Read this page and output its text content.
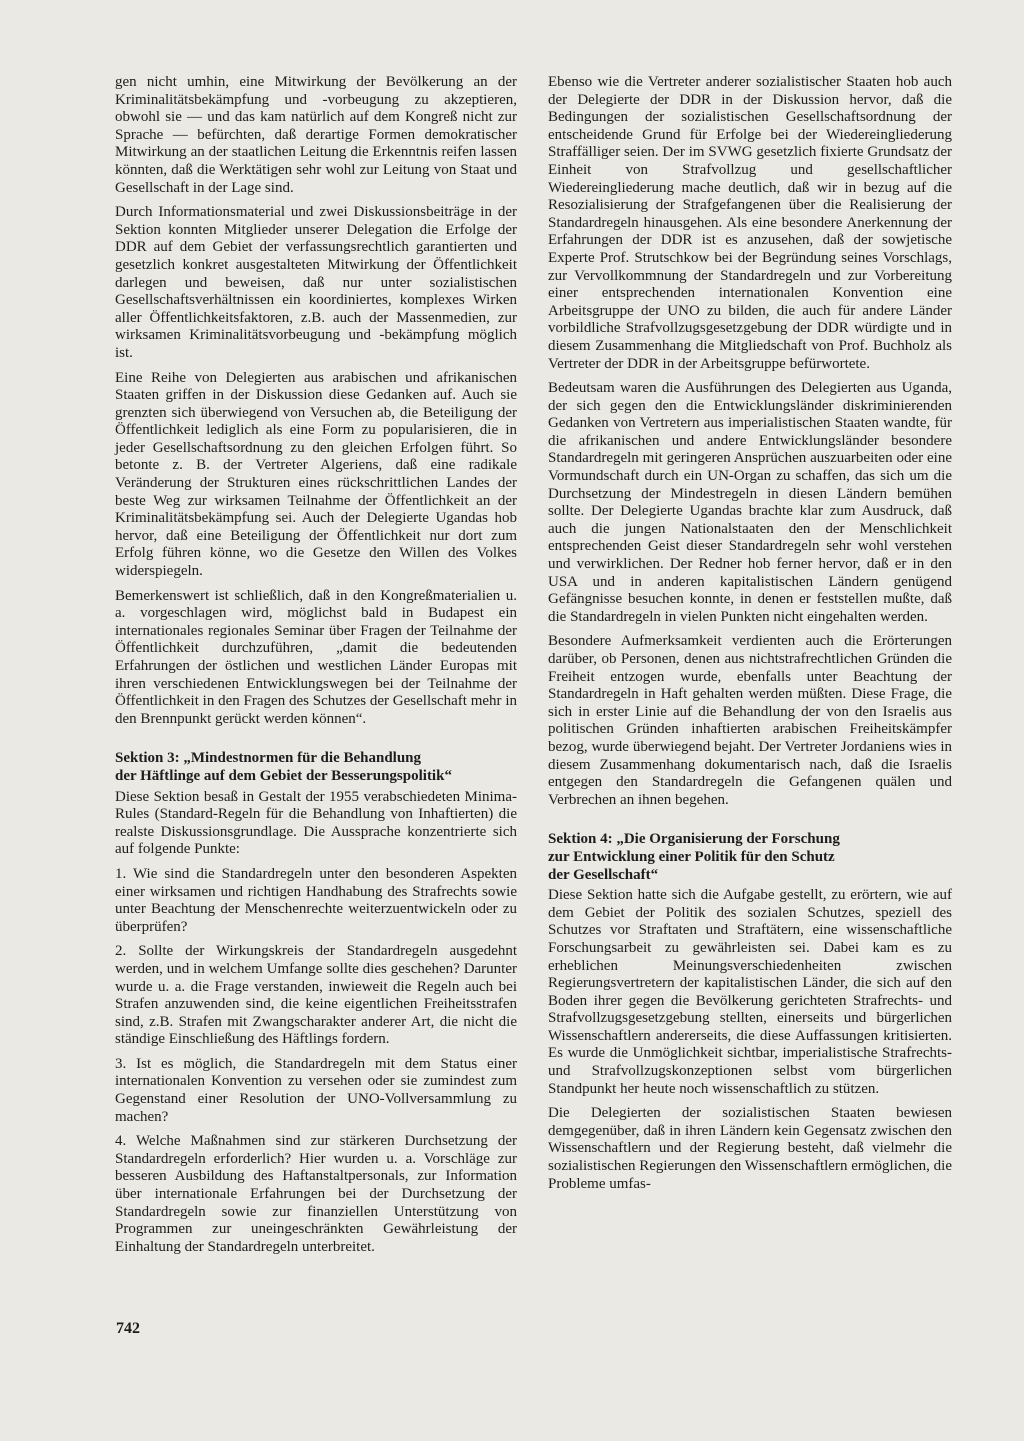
gen nicht umhin, eine Mitwirkung der Bevölkerung an der Kriminalitätsbekämpfung und -vorbeugung zu akzeptieren, obwohl sie — und das kam natürlich auf dem Kongreß nicht zur Sprache — befürchten, daß derartige Formen demokratischer Mitwirkung an der staatlichen Leitung die Erkenntnis reifen lassen könnten, daß die Werktätigen sehr wohl zur Leitung von Staat und Gesellschaft in der Lage sind.

Durch Informationsmaterial und zwei Diskussionsbeiträge in der Sektion konnten Mitglieder unserer Delegation die Erfolge der DDR auf dem Gebiet der verfassungsrechtlich garantierten und gesetzlich konkret ausgestalteten Mitwirkung der Öffentlichkeit darlegen und beweisen, daß nur unter sozialistischen Gesellschaftsverhältnissen ein koordiniertes, komplexes Wirken aller Öffentlichkeitsfaktoren, z.B. auch der Massenmedien, zur wirksamen Kriminalitätsvorbeugung und -bekämpfung möglich ist.

Eine Reihe von Delegierten aus arabischen und afrikanischen Staaten griffen in der Diskussion diese Gedanken auf. Auch sie grenzten sich überwiegend von Versuchen ab, die Beteiligung der Öffentlichkeit lediglich als eine Form zu popularisieren, die in jeder Gesellschaftsordnung zu den gleichen Erfolgen führt. So betonte z. B. der Vertreter Algeriens, daß eine radikale Veränderung der Strukturen eines rückschrittlichen Landes der beste Weg zur wirksamen Teilnahme der Öffentlichkeit an der Kriminalitätsbekämpfung sei. Auch der Delegierte Ugandas hob hervor, daß eine Beteiligung der Öffentlichkeit nur dort zum Erfolg führen könne, wo die Gesetze den Willen des Volkes widerspiegeln.

Bemerkenswert ist schließlich, daß in den Kongreßmaterialien u. a. vorgeschlagen wird, möglichst bald in Budapest ein internationales regionales Seminar über Fragen der Teilnahme der Öffentlichkeit durchzuführen, „damit die bedeutenden Erfahrungen der östlichen und westlichen Länder Europas mit ihren verschiedenen Entwicklungswegen bei der Teilnahme der Öffentlichkeit in den Fragen des Schutzes der Gesellschaft mehr in den Brennpunkt gerückt werden können“.

Sektion 3: „Mindestnormen für die Behandlung
der Häftlinge auf dem Gebiet der Besserungspolitik“

Diese Sektion besaß in Gestalt der 1955 verabschiedeten Minima-Rules (Standard-Regeln für die Behandlung von Inhaftierten) die realste Diskussionsgrundlage. Die Aussprache konzentrierte sich auf folgende Punkte:

1. Wie sind die Standardregeln unter den besonderen Aspekten einer wirksamen und richtigen Handhabung des Strafrechts sowie unter Beachtung der Menschenrechte weiterzuentwickeln oder zu überprüfen?

2. Sollte der Wirkungskreis der Standardregeln ausgedehnt werden, und in welchem Umfange sollte dies geschehen? Darunter wurde u. a. die Frage verstanden, inwieweit die Regeln auch bei Strafen anzuwenden sind, die keine eigentlichen Freiheitsstrafen sind, z.B. Strafen mit Zwangscharakter anderer Art, die nicht die ständige Einschließung des Häftlings fordern.

3. Ist es möglich, die Standardregeln mit dem Status einer internationalen Konvention zu versehen oder sie zumindest zum Gegenstand einer Resolution der UNO-Vollversammlung zu machen?

4. Welche Maßnahmen sind zur stärkeren Durchsetzung der Standardregeln erforderlich? Hier wurden u. a. Vorschläge zur besseren Ausbildung des Haftanstaltpersonals, zur Information über internationale Erfahrungen bei der Durchsetzung der Standardregeln sowie zur finanziellen Unterstützung von Programmen zur uneingeschränkten Gewährleistung der Einhaltung der Standardregeln unterbreitet.

Ebenso wie die Vertreter anderer sozialistischer Staaten hob auch der Delegierte der DDR in der Diskussion hervor, daß die Bedingungen der sozialistischen Gesellschaftsordnung der entscheidende Grund für Erfolge bei der Wiedereingliederung Straffälliger seien. Der im SVWG gesetzlich fixierte Grundsatz der Einheit von Strafvollzug und gesellschaftlicher Wiedereingliederung mache deutlich, daß wir in bezug auf die Resozialisierung der Strafgefangenen über die Realisierung der Standardregeln hinausgehen. Als eine besondere Anerkennung der Erfahrungen der DDR ist es anzusehen, daß der sowjetische Experte Prof. Strutschkow bei der Begründung seines Vorschlags, zur Vervollkommnung der Standardregeln und zur Vorbereitung einer entsprechenden internationalen Konvention eine Arbeitsgruppe der UNO zu bilden, die auch für andere Länder vorbildliche Strafvollzugsgesetzgebung der DDR würdigte und in diesem Zusammenhang die Mitgliedschaft von Prof. Buchholz als Vertreter der DDR in der Arbeitsgruppe befürwortete.

Bedeutsam waren die Ausführungen des Delegierten aus Uganda, der sich gegen den die Entwicklungsländer diskriminierenden Gedanken von Vertretern aus imperialistischen Staaten wandte, für die afrikanischen und andere Entwicklungsländer besondere Standardregeln mit geringeren Ansprüchen auszuarbeiten oder eine Vormundschaft durch ein UN-Organ zu schaffen, das sich um die Durchsetzung der Mindestregeln in diesen Ländern bemühen sollte. Der Delegierte Ugandas brachte klar zum Ausdruck, daß auch die jungen Nationalstaaten den der Menschlichkeit entsprechenden Geist dieser Standardregeln sehr wohl verstehen und verwirklichen. Der Redner hob ferner hervor, daß er in den USA und in anderen kapitalistischen Ländern genügend Gefängnisse besuchen konnte, in denen er feststellen mußte, daß die Standardregeln in vielen Punkten nicht eingehalten werden.

Besondere Aufmerksamkeit verdienten auch die Erörterungen darüber, ob Personen, denen aus nichtstrafrechtlichen Gründen die Freiheit entzogen wurde, ebenfalls unter Beachtung der Standardregeln in Haft gehalten werden müßten. Diese Frage, die sich in erster Linie auf die Behandlung der von den Israelis aus politischen Gründen inhaftierten arabischen Freiheitskämpfer bezog, wurde überwiegend bejaht. Der Vertreter Jordaniens wies in diesem Zusammenhang dokumentarisch nach, daß die Israelis entgegen den Standardregeln die Gefangenen quälen und Verbrechen an ihnen begehen.

Sektion 4: „Die Organisierung der Forschung
zur Entwicklung einer Politik für den Schutz
der Gesellschaft“

Diese Sektion hatte sich die Aufgabe gestellt, zu erörtern, wie auf dem Gebiet der Politik des sozialen Schutzes, speziell des Schutzes vor Straftaten und Straftätern, eine wissenschaftliche Forschungsarbeit zu gewährleisten sei. Dabei kam es zu erheblichen Meinungsverschiedenheiten zwischen Regierungsvertretern der kapitalistischen Länder, die sich auf den Boden ihrer gegen die Bevölkerung gerichteten Strafrechts- und Strafvollzugsgesetzgebung stellten, einerseits und bürgerlichen Wissenschaftlern andererseits, die diese Auffassungen kritisierten. Es wurde die Unmöglichkeit sichtbar, imperialistische Strafrechts- und Strafvollzugskonzeptionen selbst vom bürgerlichen Standpunkt her heute noch wissenschaftlich zu stützen.

Die Delegierten der sozialistischen Staaten bewiesen demgegenüber, daß in ihren Ländern kein Gegensatz zwischen den Wissenschaftlern und der Regierung besteht, daß vielmehr die sozialistischen Regierungen den Wissenschaftlern ermöglichen, die Probleme umfas-

742
